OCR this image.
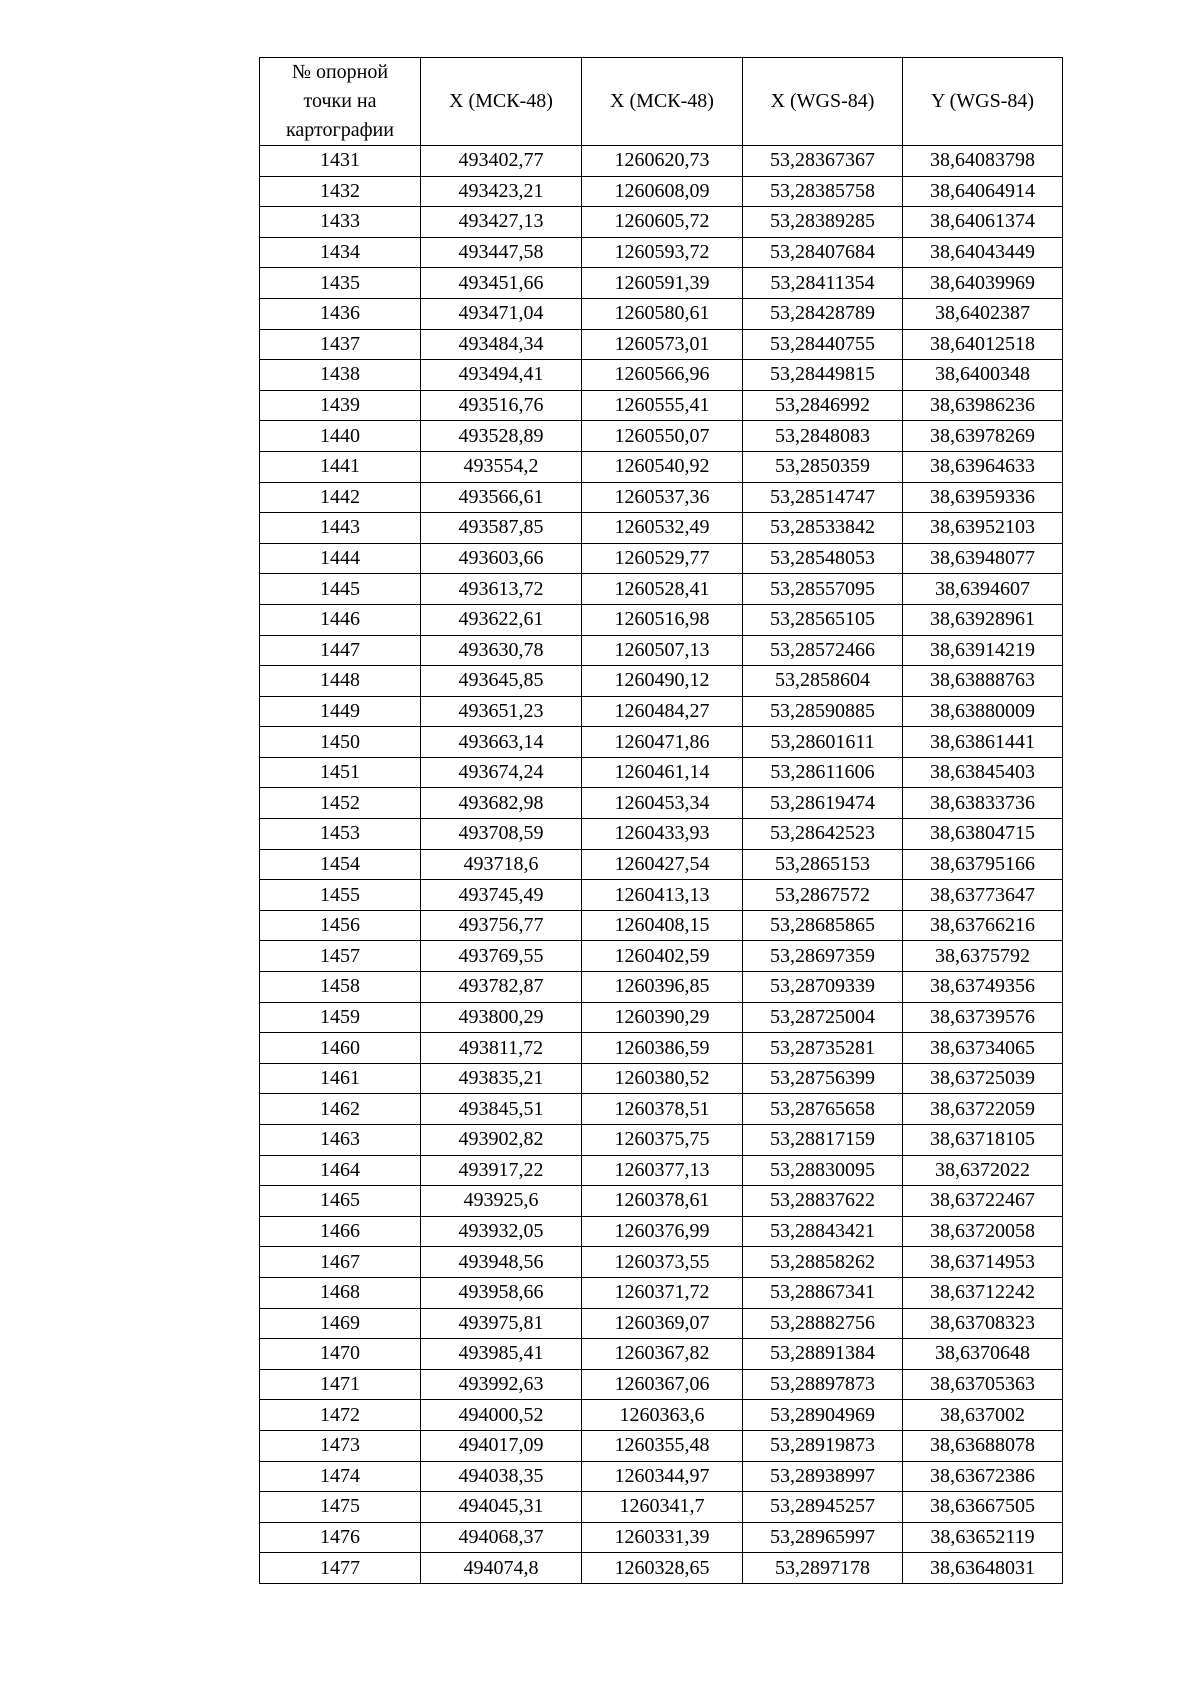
№ опорной
точки на
картографии	X (МСК-48)	X (МСК-48)	X (WGS-84)	Y (WGS-84)
1431	493402,77	1260620,73	53,28367367	38,64083798
1432	493423,21	1260608,09	53,28385758	38,64064914
1433	493427,13	1260605,72	53,28389285	38,64061374
1434	493447,58	1260593,72	53,28407684	38,64043449
1435	493451,66	1260591,39	53,28411354	38,64039969
1436	493471,04	1260580,61	53,28428789	38,6402387
1437	493484,34	1260573,01	53,28440755	38,64012518
1438	493494,41	1260566,96	53,28449815	38,6400348
1439	493516,76	1260555,41	53,2846992	38,63986236
1440	493528,89	1260550,07	53,2848083	38,63978269
1441	493554,2	1260540,92	53,2850359	38,63964633
1442	493566,61	1260537,36	53,28514747	38,63959336
1443	493587,85	1260532,49	53,28533842	38,63952103
1444	493603,66	1260529,77	53,28548053	38,63948077
1445	493613,72	1260528,41	53,28557095	38,6394607
1446	493622,61	1260516,98	53,28565105	38,63928961
1447	493630,78	1260507,13	53,28572466	38,63914219
1448	493645,85	1260490,12	53,2858604	38,63888763
1449	493651,23	1260484,27	53,28590885	38,63880009
1450	493663,14	1260471,86	53,28601611	38,63861441
1451	493674,24	1260461,14	53,28611606	38,63845403
1452	493682,98	1260453,34	53,28619474	38,63833736
1453	493708,59	1260433,93	53,28642523	38,63804715
1454	493718,6	1260427,54	53,2865153	38,63795166
1455	493745,49	1260413,13	53,2867572	38,63773647
1456	493756,77	1260408,15	53,28685865	38,63766216
1457	493769,55	1260402,59	53,28697359	38,6375792
1458	493782,87	1260396,85	53,28709339	38,63749356
1459	493800,29	1260390,29	53,28725004	38,63739576
1460	493811,72	1260386,59	53,28735281	38,63734065
1461	493835,21	1260380,52	53,28756399	38,63725039
1462	493845,51	1260378,51	53,28765658	38,63722059
1463	493902,82	1260375,75	53,28817159	38,63718105
1464	493917,22	1260377,13	53,28830095	38,6372022
1465	493925,6	1260378,61	53,28837622	38,63722467
1466	493932,05	1260376,99	53,28843421	38,63720058
1467	493948,56	1260373,55	53,28858262	38,63714953
1468	493958,66	1260371,72	53,28867341	38,63712242
1469	493975,81	1260369,07	53,28882756	38,63708323
1470	493985,41	1260367,82	53,28891384	38,6370648
1471	493992,63	1260367,06	53,28897873	38,63705363
1472	494000,52	1260363,6	53,28904969	38,637002
1473	494017,09	1260355,48	53,28919873	38,63688078
1474	494038,35	1260344,97	53,28938997	38,63672386
1475	494045,31	1260341,7	53,28945257	38,63667505
1476	494068,37	1260331,39	53,28965997	38,63652119
1477	494074,8	1260328,65	53,2897178	38,63648031
